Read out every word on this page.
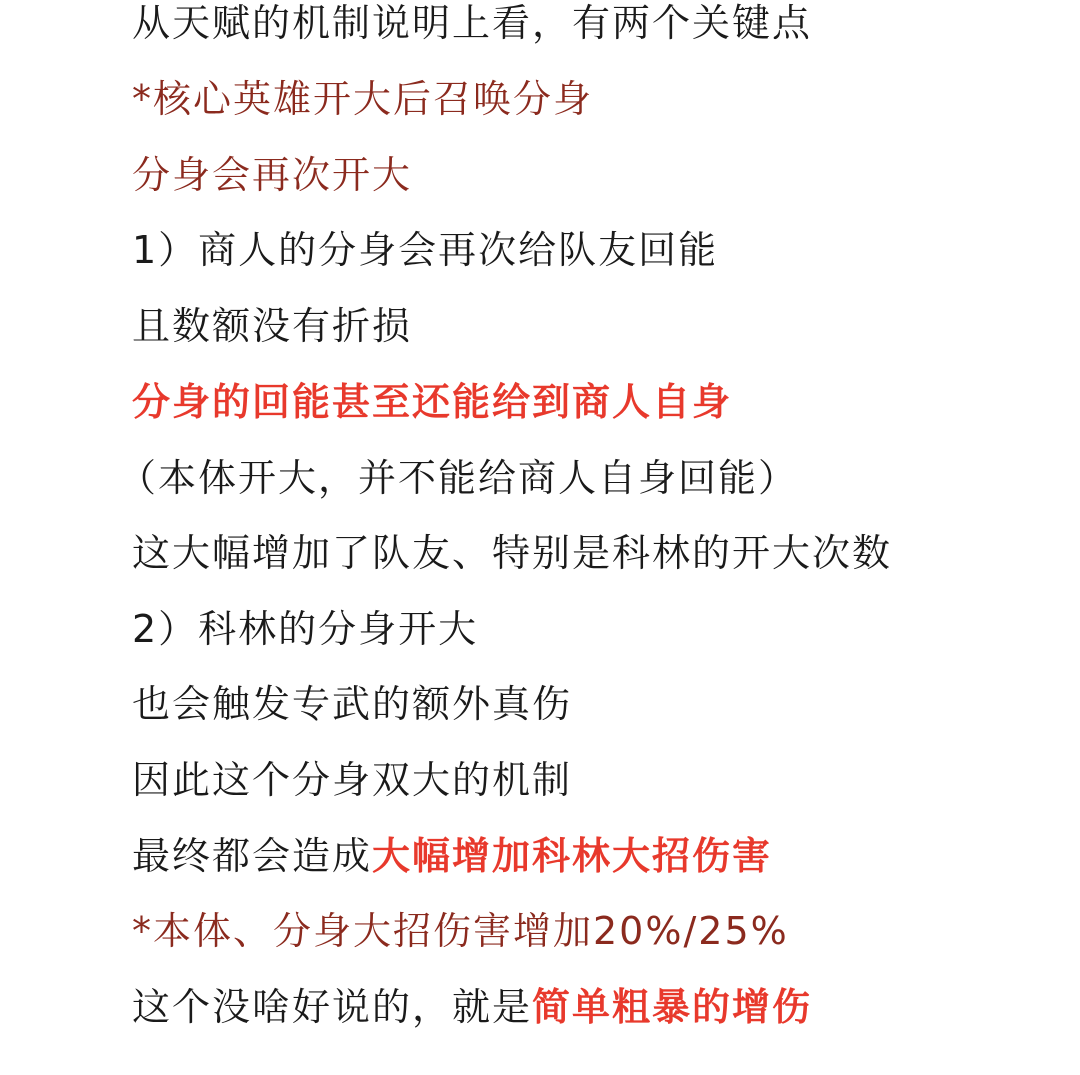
从天赋的机制说明上看，有两个关键点
*核心英雄开大后召唤分身
分身会再次开大
1）商人的分身会再次给队友回能
且数额没有折损
分身的回能甚至还能给到商人自身
（本体开大，并不能给商人自身回能）
这大幅增加了队友、特别是科林的开大次数
2）科林的分身开大
也会触发专武的额外真伤
因此这个分身双大的机制
最终都会造成大幅增加科林大招伤害
*本体、分身大招伤害增加20%/25%
这个没啥好说的，就是简单粗暴的增伤
